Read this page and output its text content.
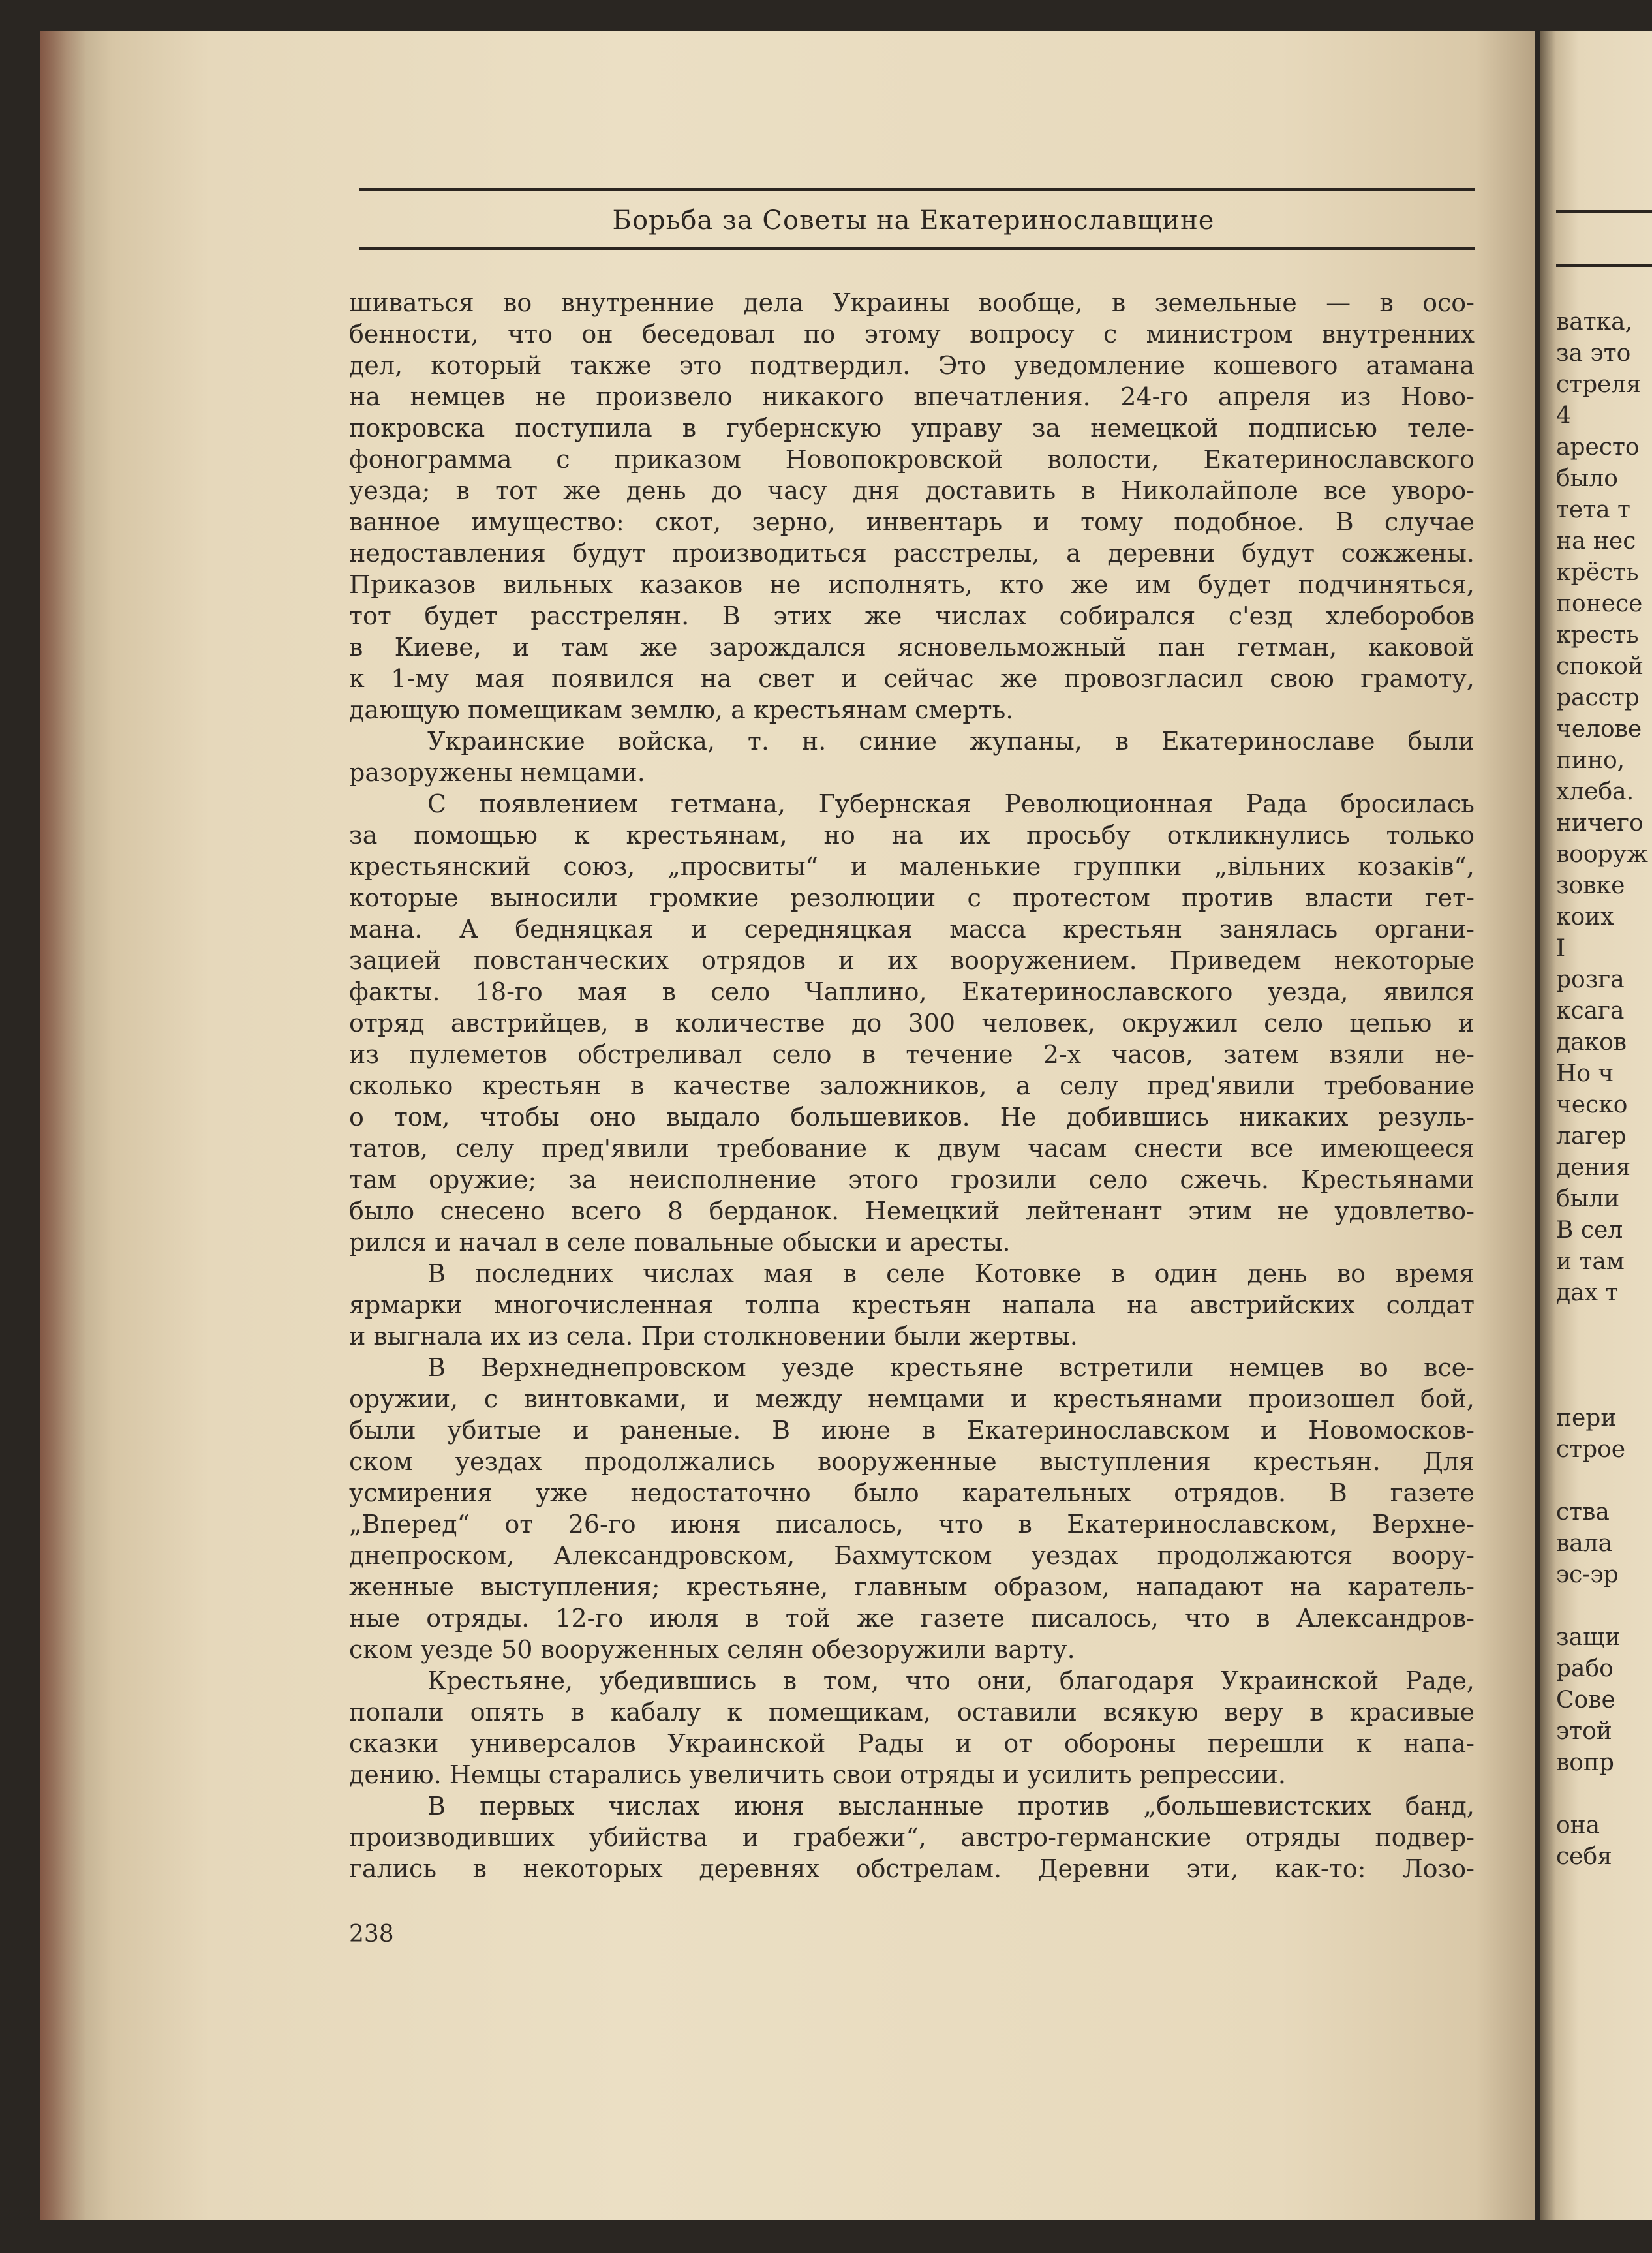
Борьба за Советы на Екатеринославщине
шиваться во внутренние дела Украины вообще, в земельные — в осо-
бенности, что он беседовал по этому вопросу с министром внутренних
дел, который также это подтвердил. Это уведомление кошевого атамана
на немцев не произвело никакого впечатления. 24-го апреля из Ново-
покровска поступила в губернскую управу за немецкой подписью теле-
фонограмма с приказом Новопокровской волости, Екатеринославского
уезда; в тот же день до часу дня доставить в Николайполе все уворо-
ванное имущество: скот, зерно, инвентарь и тому подобное. В случае
недоставления будут производиться расстрелы, а деревни будут сожжены.
Приказов вильных казаков не исполнять, кто же им будет подчиняться,
тот будет расстрелян. В этих же числах собирался с'езд хлеборобов
в Киеве, и там же зарождался ясновельможный пан гетман, каковой
к 1-му мая появился на свет и сейчас же провозгласил свою грамоту,
дающую помещикам землю, а крестьянам смерть.
Украинские войска, т. н. синие жупаны, в Екатеринославе были
разоружены немцами.
С появлением гетмана, Губернская Революционная Рада бросилась
за помощью к крестьянам, но на их просьбу откликнулись только
крестьянский союз, „просвиты“ и маленькие группки „вільних козаків“,
которые выносили громкие резолюции с протестом против власти гет-
мана. А бедняцкая и середняцкая масса крестьян занялась органи-
зацией повстанческих отрядов и их вооружением. Приведем некоторые
факты. 18-го мая в село Чаплино, Екатеринославского уезда, явился
отряд австрийцев, в количестве до 300 человек, окружил село цепью и
из пулеметов обстреливал село в течение 2-х часов, затем взяли не-
сколько крестьян в качестве заложников, а селу пред'явили требование
о том, чтобы оно выдало большевиков. Не добившись никаких резуль-
татов, селу пред'явили требование к двум часам снести все имеющееся
там оружие; за неисполнение этого грозили село сжечь. Крестьянами
было снесено всего 8 берданок. Немецкий лейтенант этим не удовлетво-
рился и начал в селе повальные обыски и аресты.
В последних числах мая в селе Котовке в один день во время
ярмарки многочисленная толпа крестьян напала на австрийских солдат
и выгнала их из села. При столкновении были жертвы.
В Верхнеднепровском уезде крестьяне встретили немцев во все-
оружии, с винтовками, и между немцами и крестьянами произошел бой,
были убитые и раненые. В июне в Екатеринославском и Новомосков-
ском уездах продолжались вооруженные выступления крестьян. Для
усмирения уже недостаточно было карательных отрядов. В газете
„Вперед“ от 26-го июня писалось, что в Екатеринославском, Верхне-
днепроском, Александровском, Бахмутском уездах продолжаются воору-
женные выступления; крестьяне, главным образом, нападают на каратель-
ные отряды. 12-го июля в той же газете писалось, что в Александров-
ском уезде 50 вооруженных селян обезоружили варту.
Крестьяне, убедившись в том, что они, благодаря Украинской Раде,
попали опять в кабалу к помещикам, оставили всякую веру в красивые
сказки универсалов Украинской Рады и от обороны перешли к напа-
дению. Немцы старались увеличить свои отряды и усилить репрессии.
В первых числах июня высланные против „большевистских банд,
производивших убийства и грабежи“, австро-германские отряды подвер-
гались в некоторых деревнях обстрелам. Деревни эти, как-то: Лозо-
238
ватка,
за это
стреля
4
аресто
было
тета т
на нес
крёсть
понесе
кресть
спокой
расстр
челове
пино,
хлеба.
ничего
вооруж
зовке
коих
I
розга
ксага
даков
Но ч
ческо
лагер
дения
были
В сел
и там
дах т
пери
строе
ства
вала
эс-эр
защи
рабо
Сове
этой
вопр
она
себя
